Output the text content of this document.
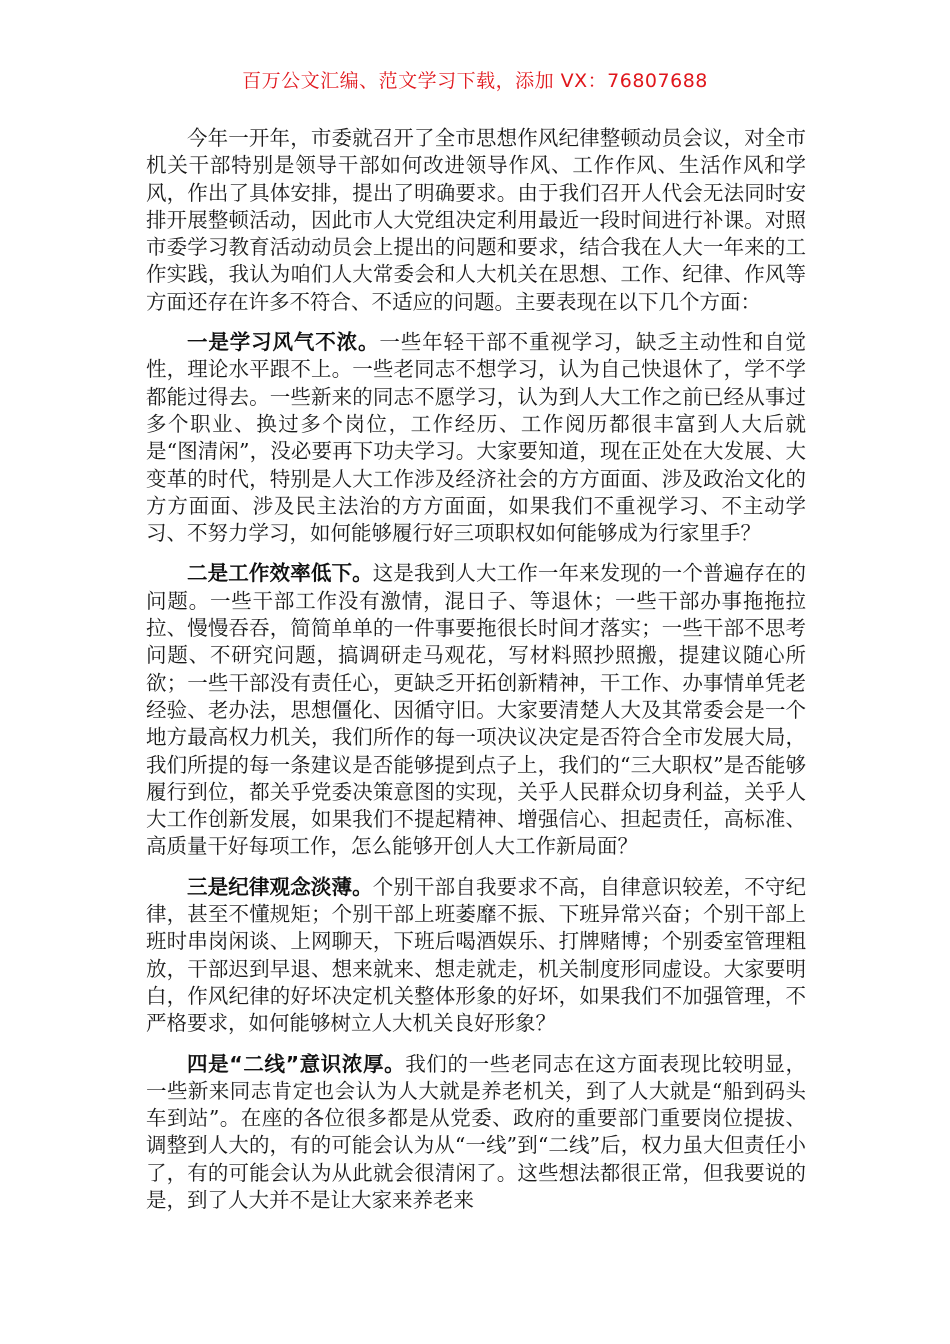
百万公文汇编、范文学习下载，添加 VX：76807688

今年一开年，市委就召开了全市思想作风纪律整顿动员会议，对全市机关干部特别是领导干部如何改进领导作风、工作作风、生活作风和学风，作出了具体安排，提出了明确要求。由于我们召开人代会无法同时安排开展整顿活动，因此市人大党组决定利用最近一段时间进行补课。对照市委学习教育活动动员会上提出的问题和要求，结合我在人大一年来的工作实践，我认为咱们人大常委会和人大机关在思想、工作、纪律、作风等方面还存在许多不符合、不适应的问题。主要表现在以下几个方面：

一是学习风气不浓。一些年轻干部不重视学习，缺乏主动性和自觉性，理论水平跟不上。一些老同志不想学习，认为自己快退休了，学不学都能过得去。一些新来的同志不愿学习，认为到人大工作之前已经从事过多个职业、换过多个岗位，工作经历、工作阅历都很丰富到人大后就是“图清闲”，没必要再下功夫学习。大家要知道，现在正处在大发展、大变革的时代，特别是人大工作涉及经济社会的方方面面、涉及政治文化的方方面面、涉及民主法治的方方面面，如果我们不重视学习、不主动学习、不努力学习，如何能够履行好三项职权如何能够成为行家里手？

二是工作效率低下。这是我到人大工作一年来发现的一个普遍存在的问题。一些干部工作没有激情，混日子、等退休；一些干部办事拖拖拉拉、慢慢吞吞，简简单单的一件事要拖很长时间才落实；一些干部不思考问题、不研究问题，搞调研走马观花，写材料照抄照搬，提建议随心所欲；一些干部没有责任心，更缺乏开拓创新精神，干工作、办事情单凭老经验、老办法，思想僵化、因循守旧。大家要清楚人大及其常委会是一个地方最高权力机关，我们所作的每一项决议决定是否符合全市发展大局，我们所提的每一条建议是否能够提到点子上，我们的“三大职权”是否能够履行到位，都关乎党委决策意图的实现，关乎人民群众切身利益，关乎人大工作创新发展，如果我们不提起精神、增强信心、担起责任，高标准、高质量干好每项工作，怎么能够开创人大工作新局面？

三是纪律观念淡薄。个别干部自我要求不高，自律意识较差，不守纪律，甚至不懂规矩；个别干部上班萎靡不振、下班异常兴奋；个别干部上班时串岗闲谈、上网聊天，下班后喝酒娱乐、打牌赌博；个别委室管理粗放，干部迟到早退、想来就来、想走就走，机关制度形同虚设。大家要明白，作风纪律的好坏决定机关整体形象的好坏，如果我们不加强管理，不严格要求，如何能够树立人大机关良好形象？

四是“二线”意识浓厚。我们的一些老同志在这方面表现比较明显，一些新来同志肯定也会认为人大就是养老机关，到了人大就是“船到码头车到站”。在座的各位很多都是从党委、政府的重要部门重要岗位提拔、调整到人大的，有的可能会认为从“一线”到“二线”后，权力虽大但责任小了，有的可能会认为从此就会很清闲了。这些想法都很正常，但我要说的是，到了人大并不是让大家来养老来
